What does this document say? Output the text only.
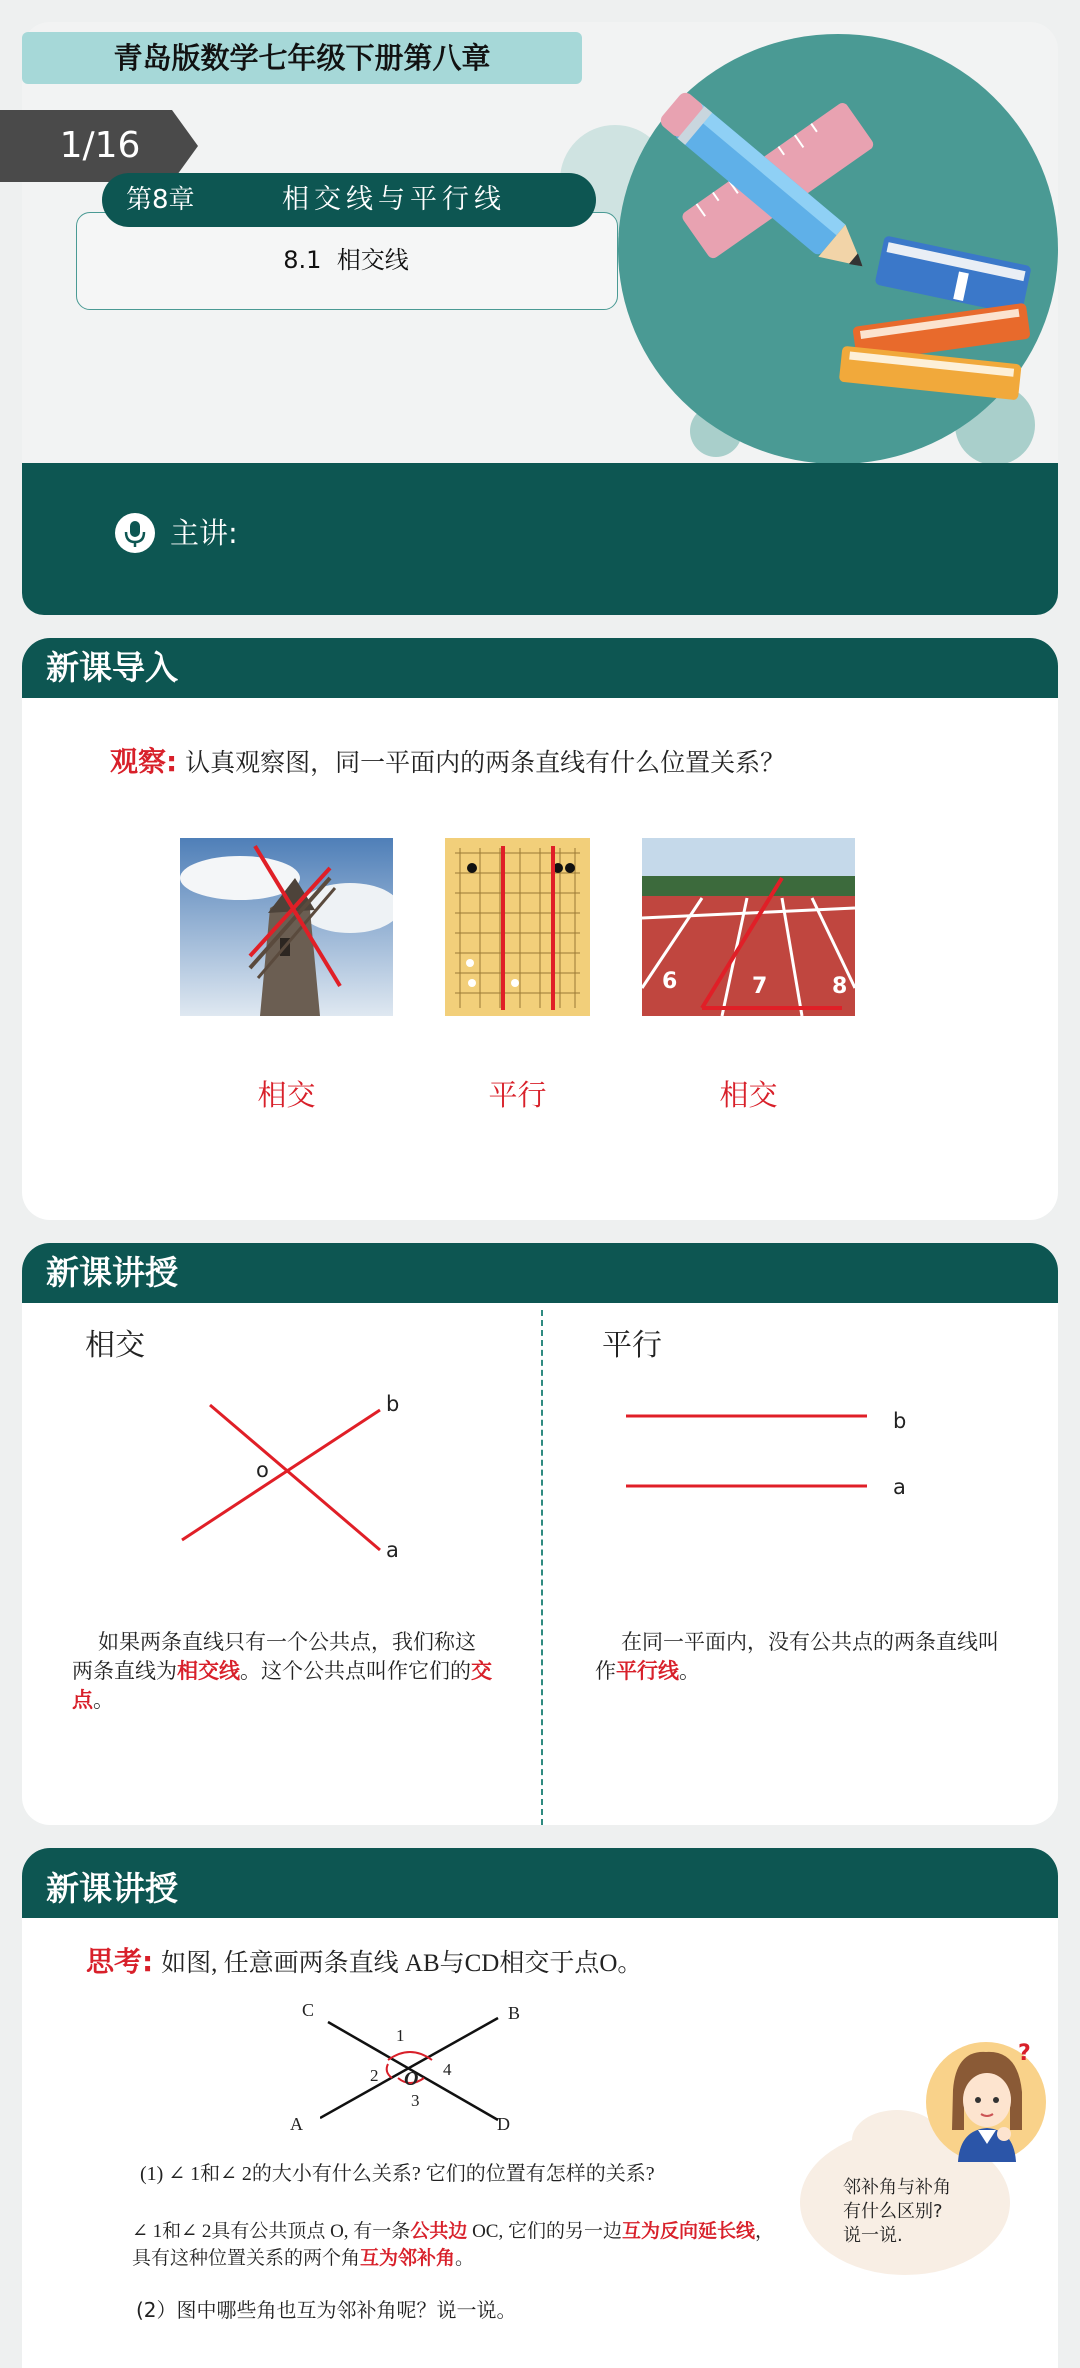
青岛版数学七年级下册第八章
1/16
第8章	相交线与平行线
8.1  相交线
主讲:
新课导入
观察: 认真观察图，同一平面内的两条直线有什么位置关系？
6	7	8
相交	平行	相交
新课讲授
相交
b
o
a
如果两条直线只有一个公共点，我们称这两条直线为相交线。这个公共点叫作它们的交点。
平行
b
a
在同一平面内，没有公共点的两条直线叫作平行线。
新课讲授
思考: 如图, 任意画两条直线 AB与CD相交于点O。
C	B
A	D
O
1
2
3
4
(1) ∠ 1和∠ 2的大小有什么关系? 它们的位置有怎样的关系?
∠ 1和∠ 2具有公共顶点 O, 有一条公共边 OC, 它们的另一边互为反向延长线，具有这种位置关系的两个角互为邻补角。
(2）图中哪些角也互为邻补角呢？说一说。
邻补角与补角
有什么区别?
说一说.
?
